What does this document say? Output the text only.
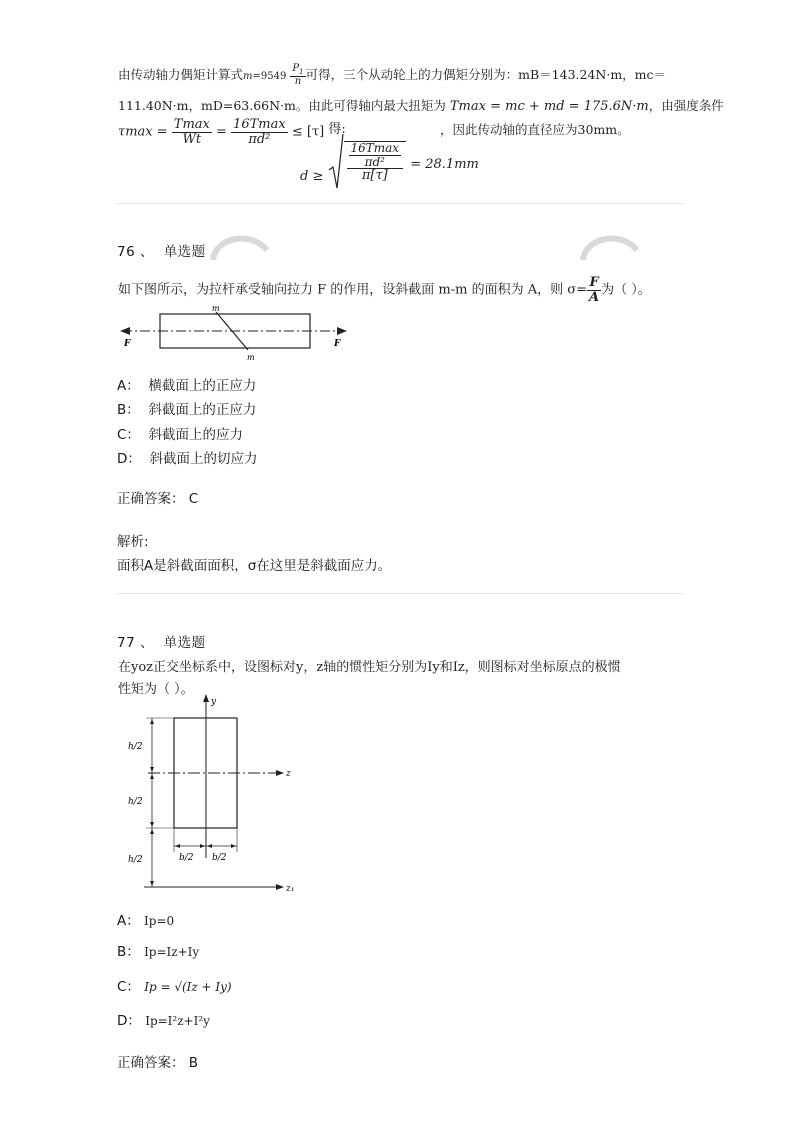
由传动轴力偶矩计算式$m=9549 \frac{P_1}{n}$ 可得，三个从动轮上的力偶矩分别为：mB＝143.24N·m，mc＝
111.40N·m，mD=63.66N·m。由此可得轴内最大扭矩为 Tmax = mc + md = 175.6N·m，由强度条件
$\tau\max = \frac{Tmax}{Wt} = \frac{16Tmax}{\text{πd²}} \le [\tau]$ 得:
$d \ge \frac{\frac{16Tmax}{\text{πd²}}}{\pi[\tau]} = 28.1mm$
，因此传动轴的直径应为30mm。
76 、 单选题
如下图所示，为拉杆承受轴向拉力 F 的作用，设斜截面 m-m 的面积为 A，则 $\sigma= \frac{F}{A}$ 为（ ）。
m
m
F	F
A： 横截面上的正应力
B： 斜截面上的正应力
C： 斜截面上的应力
D： 斜截面上的切应力
正确答案： C
解析:
面积A是斜截面面积，σ在这里是斜截面应力。
77 、 单选题
在yoz正交坐标系中，设图标对y，z轴的惯性矩分别为Iy和Iz，则图标对坐标原点的极惯
性矩为（ ）。
y
z
z₁
h/2
h/2
h/2	b/2 b/2
A： Ip=0
B： Ip=Iz+Iy
C： Ip = √(Iz + Iy)
D： Ip=I²z+I²y
正确答案： B
